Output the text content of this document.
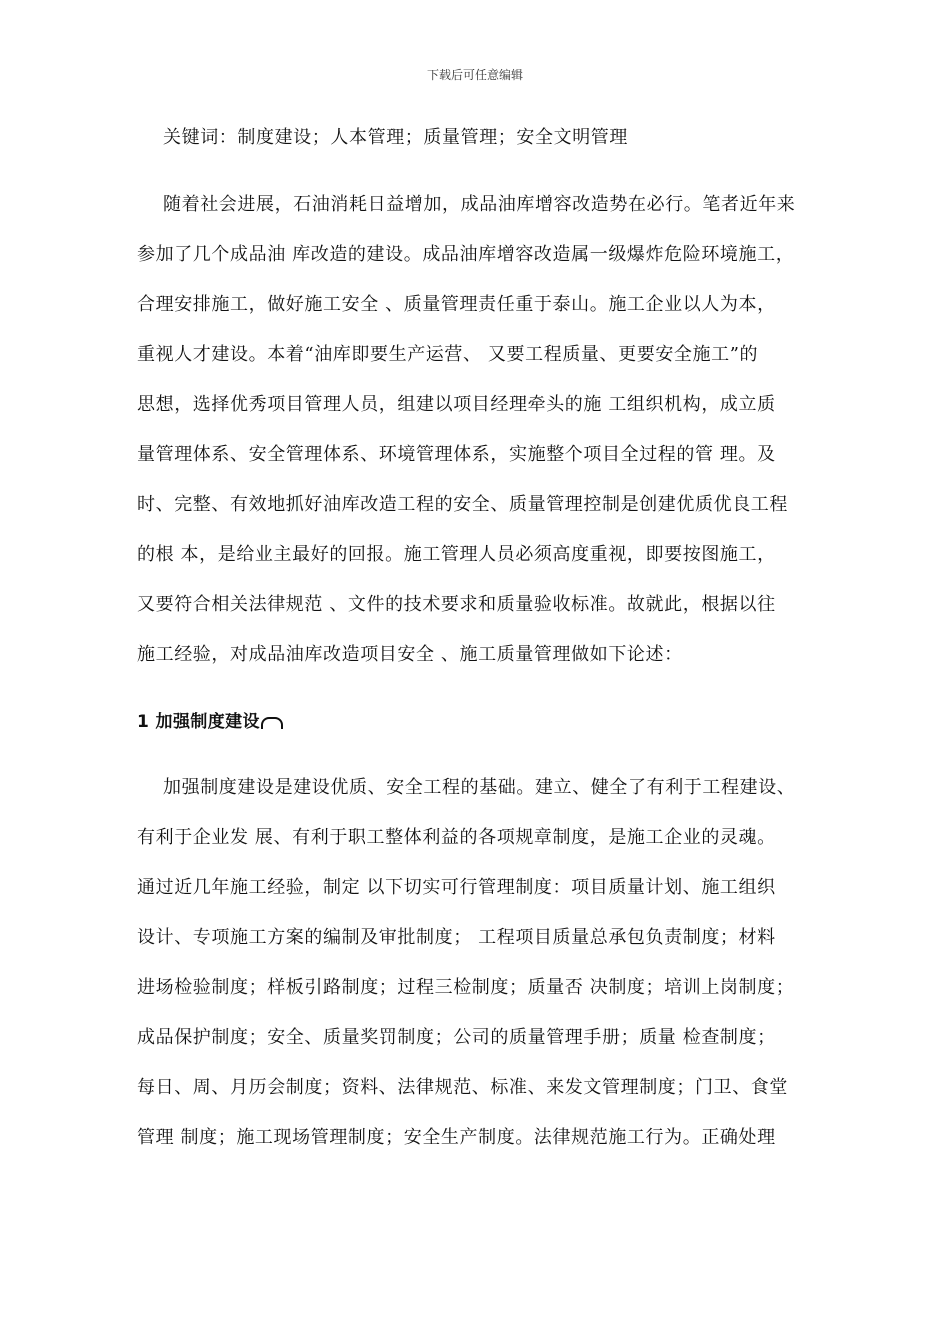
下载后可任意编辑
关键词：制度建设；人本管理；质量管理；安全文明管理
随着社会进展，石油消耗日益增加，成品油库增容改造势在必行。笔者近年来
参加了几个成品油 库改造的建设。成品油库增容改造属一级爆炸危险环境施工，
合理安排施工，做好施工安全 、质量管理责任重于泰山。施工企业以人为本，
重视人才建设。本着“油库即要生产运营、 又要工程质量、更要安全施工”的
思想，选择优秀项目管理人员，组建以项目经理牵头的施 工组织机构，成立质
量管理体系、安全管理体系、环境管理体系，实施整个项目全过程的管 理。及
时、完整、有效地抓好油库改造工程的安全、质量管理控制是创建优质优良工程
的根 本，是给业主最好的回报。施工管理人员必须高度重视，即要按图施工，
又要符合相关法律规范 、文件的技术要求和质量验收标准。故就此，根据以往
施工经验，对成品油库改造项目安全 、施工质量管理做如下论述：
1 加强制度建设
加强制度建设是建设优质、安全工程的基础。建立、健全了有利于工程建设、
有利于企业发 展、有利于职工整体利益的各项规章制度，是施工企业的灵魂。
通过近几年施工经验，制定 以下切实可行管理制度：项目质量计划、施工组织
设计、专项施工方案的编制及审批制度； 工程项目质量总承包负责制度；材料
进场检验制度；样板引路制度；过程三检制度；质量否 决制度；培训上岗制度；
成品保护制度；安全、质量奖罚制度；公司的质量管理手册；质量 检查制度；
每日、周、月历会制度；资料、法律规范、标准、来发文管理制度；门卫、食堂
管理 制度；施工现场管理制度；安全生产制度。法律规范施工行为。正确处理
